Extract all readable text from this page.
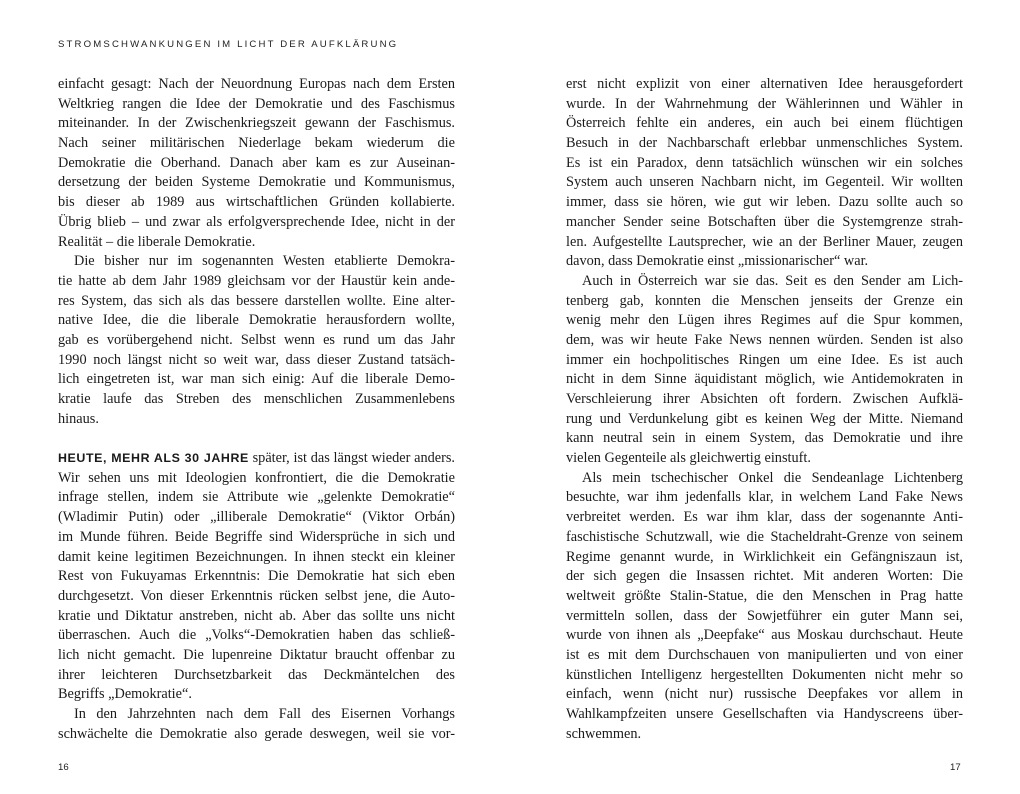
STROMSCHWANKUNGEN IM LICHT DER AUFKLÄRUNG
einfacht gesagt: Nach der Neuordnung Europas nach dem Ersten
Weltkrieg rangen die Idee der Demokratie und des Faschismus
miteinander. In der Zwischenkriegszeit gewann der Faschismus.
Nach seiner militärischen Niederlage bekam wiederum die
Demokratie die Oberhand. Danach aber kam es zur Auseinan-
dersetzung der beiden Systeme Demokratie und Kommunismus,
bis dieser ab 1989 aus wirtschaftlichen Gründen kollabierte.
Übrig blieb – und zwar als erfolgversprechende Idee, nicht in der
Realität – die liberale Demokratie.
Die bisher nur im sogenannten Westen etablierte Demokra-
tie hatte ab dem Jahr 1989 gleichsam vor der Haustür kein ande-
res System, das sich als das bessere darstellen wollte. Eine alter-
native Idee, die die liberale Demokratie herausfordern wollte,
gab es vorübergehend nicht. Selbst wenn es rund um das Jahr
1990 noch längst nicht so weit war, dass dieser Zustand tatsäch-
lich eingetreten ist, war man sich einig: Auf die liberale Demo-
kratie laufe das Streben des menschlichen Zusammenlebens
hinaus.
HEUTE, MEHR ALS 30 JAHRE später, ist das längst wieder anders.
Wir sehen uns mit Ideologien konfrontiert, die die Demokratie
infrage stellen, indem sie Attribute wie „gelenkte Demokratie“
(Wladimir Putin) oder „illiberale Demokratie“ (Viktor Orbán)
im Munde führen. Beide Begriffe sind Widersprüche in sich und
damit keine legitimen Bezeichnungen. In ihnen steckt ein kleiner
Rest von Fukuyamas Erkenntnis: Die Demokratie hat sich eben
durchgesetzt. Von dieser Erkenntnis rücken selbst jene, die Auto-
kratie und Diktatur anstreben, nicht ab. Aber das sollte uns nicht
überraschen. Auch die „Volks“-Demokratien haben das schließ-
lich nicht gemacht. Die lupenreine Diktatur braucht offenbar zu
ihrer leichteren Durchsetzbarkeit das Deckmäntelchen des
Begriffs „Demokratie“.
In den Jahrzehnten nach dem Fall des Eisernen Vorhangs
schwächelte die Demokratie also gerade deswegen, weil sie vor-
erst nicht explizit von einer alternativen Idee herausgefordert
wurde. In der Wahrnehmung der Wählerinnen und Wähler in
Österreich fehlte ein anderes, ein auch bei einem flüchtigen
Besuch in der Nachbarschaft erlebbar unmenschliches System.
Es ist ein Paradox, denn tatsächlich wünschen wir ein solches
System auch unseren Nachbarn nicht, im Gegenteil. Wir wollten
immer, dass sie hören, wie gut wir leben. Dazu sollte auch so
mancher Sender seine Botschaften über die Systemgrenze strah-
len. Aufgestellte Lautsprecher, wie an der Berliner Mauer, zeugen
davon, dass Demokratie einst „missionarischer“ war.
Auch in Österreich war sie das. Seit es den Sender am Lich-
tenberg gab, konnten die Menschen jenseits der Grenze ein
wenig mehr den Lügen ihres Regimes auf die Spur kommen,
dem, was wir heute Fake News nennen würden. Senden ist also
immer ein hochpolitisches Ringen um eine Idee. Es ist auch
nicht in dem Sinne äquidistant möglich, wie Antidemokraten in
Verschleierung ihrer Absichten oft fordern. Zwischen Aufklä-
rung und Verdunkelung gibt es keinen Weg der Mitte. Niemand
kann neutral sein in einem System, das Demokratie und ihre
vielen Gegenteile als gleichwertig einstuft.
Als mein tschechischer Onkel die Sendeanlage Lichtenberg
besuchte, war ihm jedenfalls klar, in welchem Land Fake News
verbreitet werden. Es war ihm klar, dass der sogenannte Anti-
faschistische Schutzwall, wie die Stacheldraht-Grenze von seinem
Regime genannt wurde, in Wirklichkeit ein Gefängniszaun ist,
der sich gegen die Insassen richtet. Mit anderen Worten: Die
weltweit größte Stalin-Statue, die den Menschen in Prag hatte
vermitteln sollen, dass der Sowjetführer ein guter Mann sei,
wurde von ihnen als „Deepfake“ aus Moskau durchschaut. Heute
ist es mit dem Durchschauen von manipulierten und von einer
künstlichen Intelligenz hergestellten Dokumenten nicht mehr so
einfach, wenn (nicht nur) russische Deepfakes vor allem in
Wahlkampfzeiten unsere Gesellschaften via Handyscreens über-
schwemmen.
16	17
